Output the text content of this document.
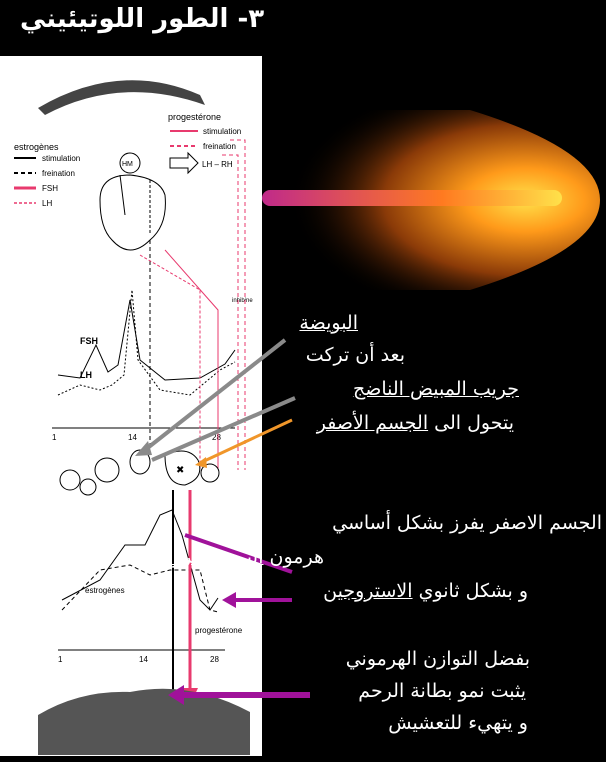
٣- الطور اللوتيئيني
progestérone
stimulation
freination
estrogènes
stimulation
freination
FSH
LH
LH – RH
HM
FSH
LH
1	14	28
inhibine
✖
estrogènes
progestérone
1	14	28
البويضة
بعد أن تركت
جريب المبيض الناضج
يتحول الى الجسم الأصفر
الجسم الاصفر يفرز بشكل أساسي
هرمون البروجسترون
و بشكل ثانوي الاستروجين
بفضل التوازن الهرموني
يثبت نمو بطانة الرحم
و يتهيء للتعشيش
